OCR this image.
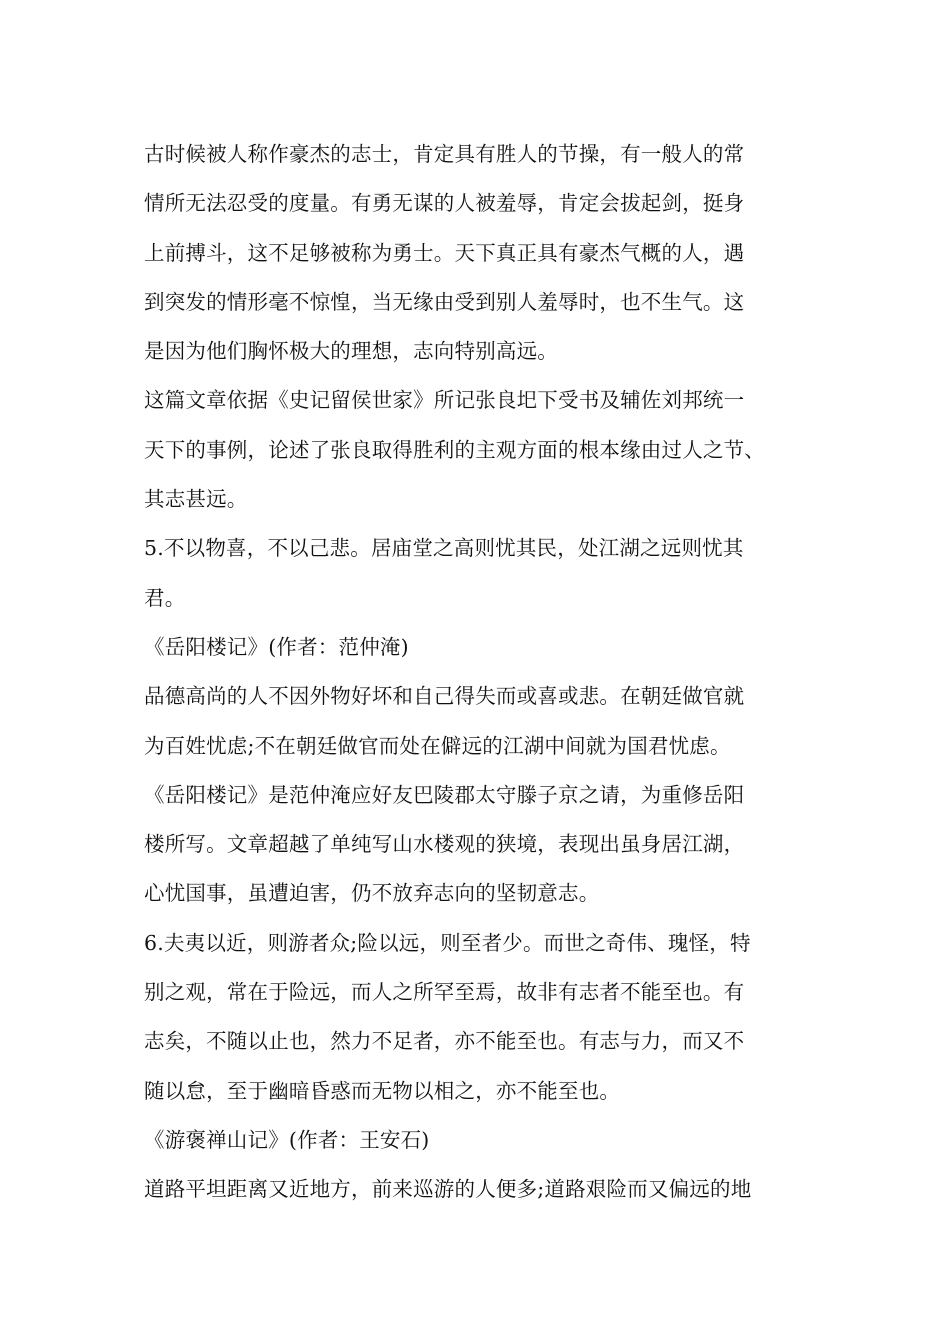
古时候被人称作豪杰的志士，肯定具有胜人的节操，有一般人的常
情所无法忍受的度量。有勇无谋的人被羞辱，肯定会拔起剑，挺身
上前搏斗，这不足够被称为勇士。天下真正具有豪杰气概的人，遇
到突发的情形毫不惊惶，当无缘由受到别人羞辱时，也不生气。这
是因为他们胸怀极大的理想，志向特别高远。
这篇文章依据《史记留侯世家》所记张良圯下受书及辅佐刘邦统一
天下的事例，论述了张良取得胜利的主观方面的根本缘由过人之节、
其志甚远。
5.不以物喜，不以己悲。居庙堂之高则忧其民，处江湖之远则忧其
君。
《岳阳楼记》(作者：范仲淹)
品德高尚的人不因外物好坏和自己得失而或喜或悲。在朝廷做官就
为百姓忧虑;不在朝廷做官而处在僻远的江湖中间就为国君忧虑。
《岳阳楼记》是范仲淹应好友巴陵郡太守滕子京之请，为重修岳阳
楼所写。文章超越了单纯写山水楼观的狭境，表现出虽身居江湖，
心忧国事，虽遭迫害，仍不放弃志向的坚韧意志。
6.夫夷以近，则游者众;险以远，则至者少。而世之奇伟、瑰怪，特
别之观，常在于险远，而人之所罕至焉，故非有志者不能至也。有
志矣，不随以止也，然力不足者，亦不能至也。有志与力，而又不
随以怠，至于幽暗昏惑而无物以相之，亦不能至也。
《游褒禅山记》(作者：王安石)
道路平坦距离又近地方，前来巡游的人便多;道路艰险而又偏远的地
